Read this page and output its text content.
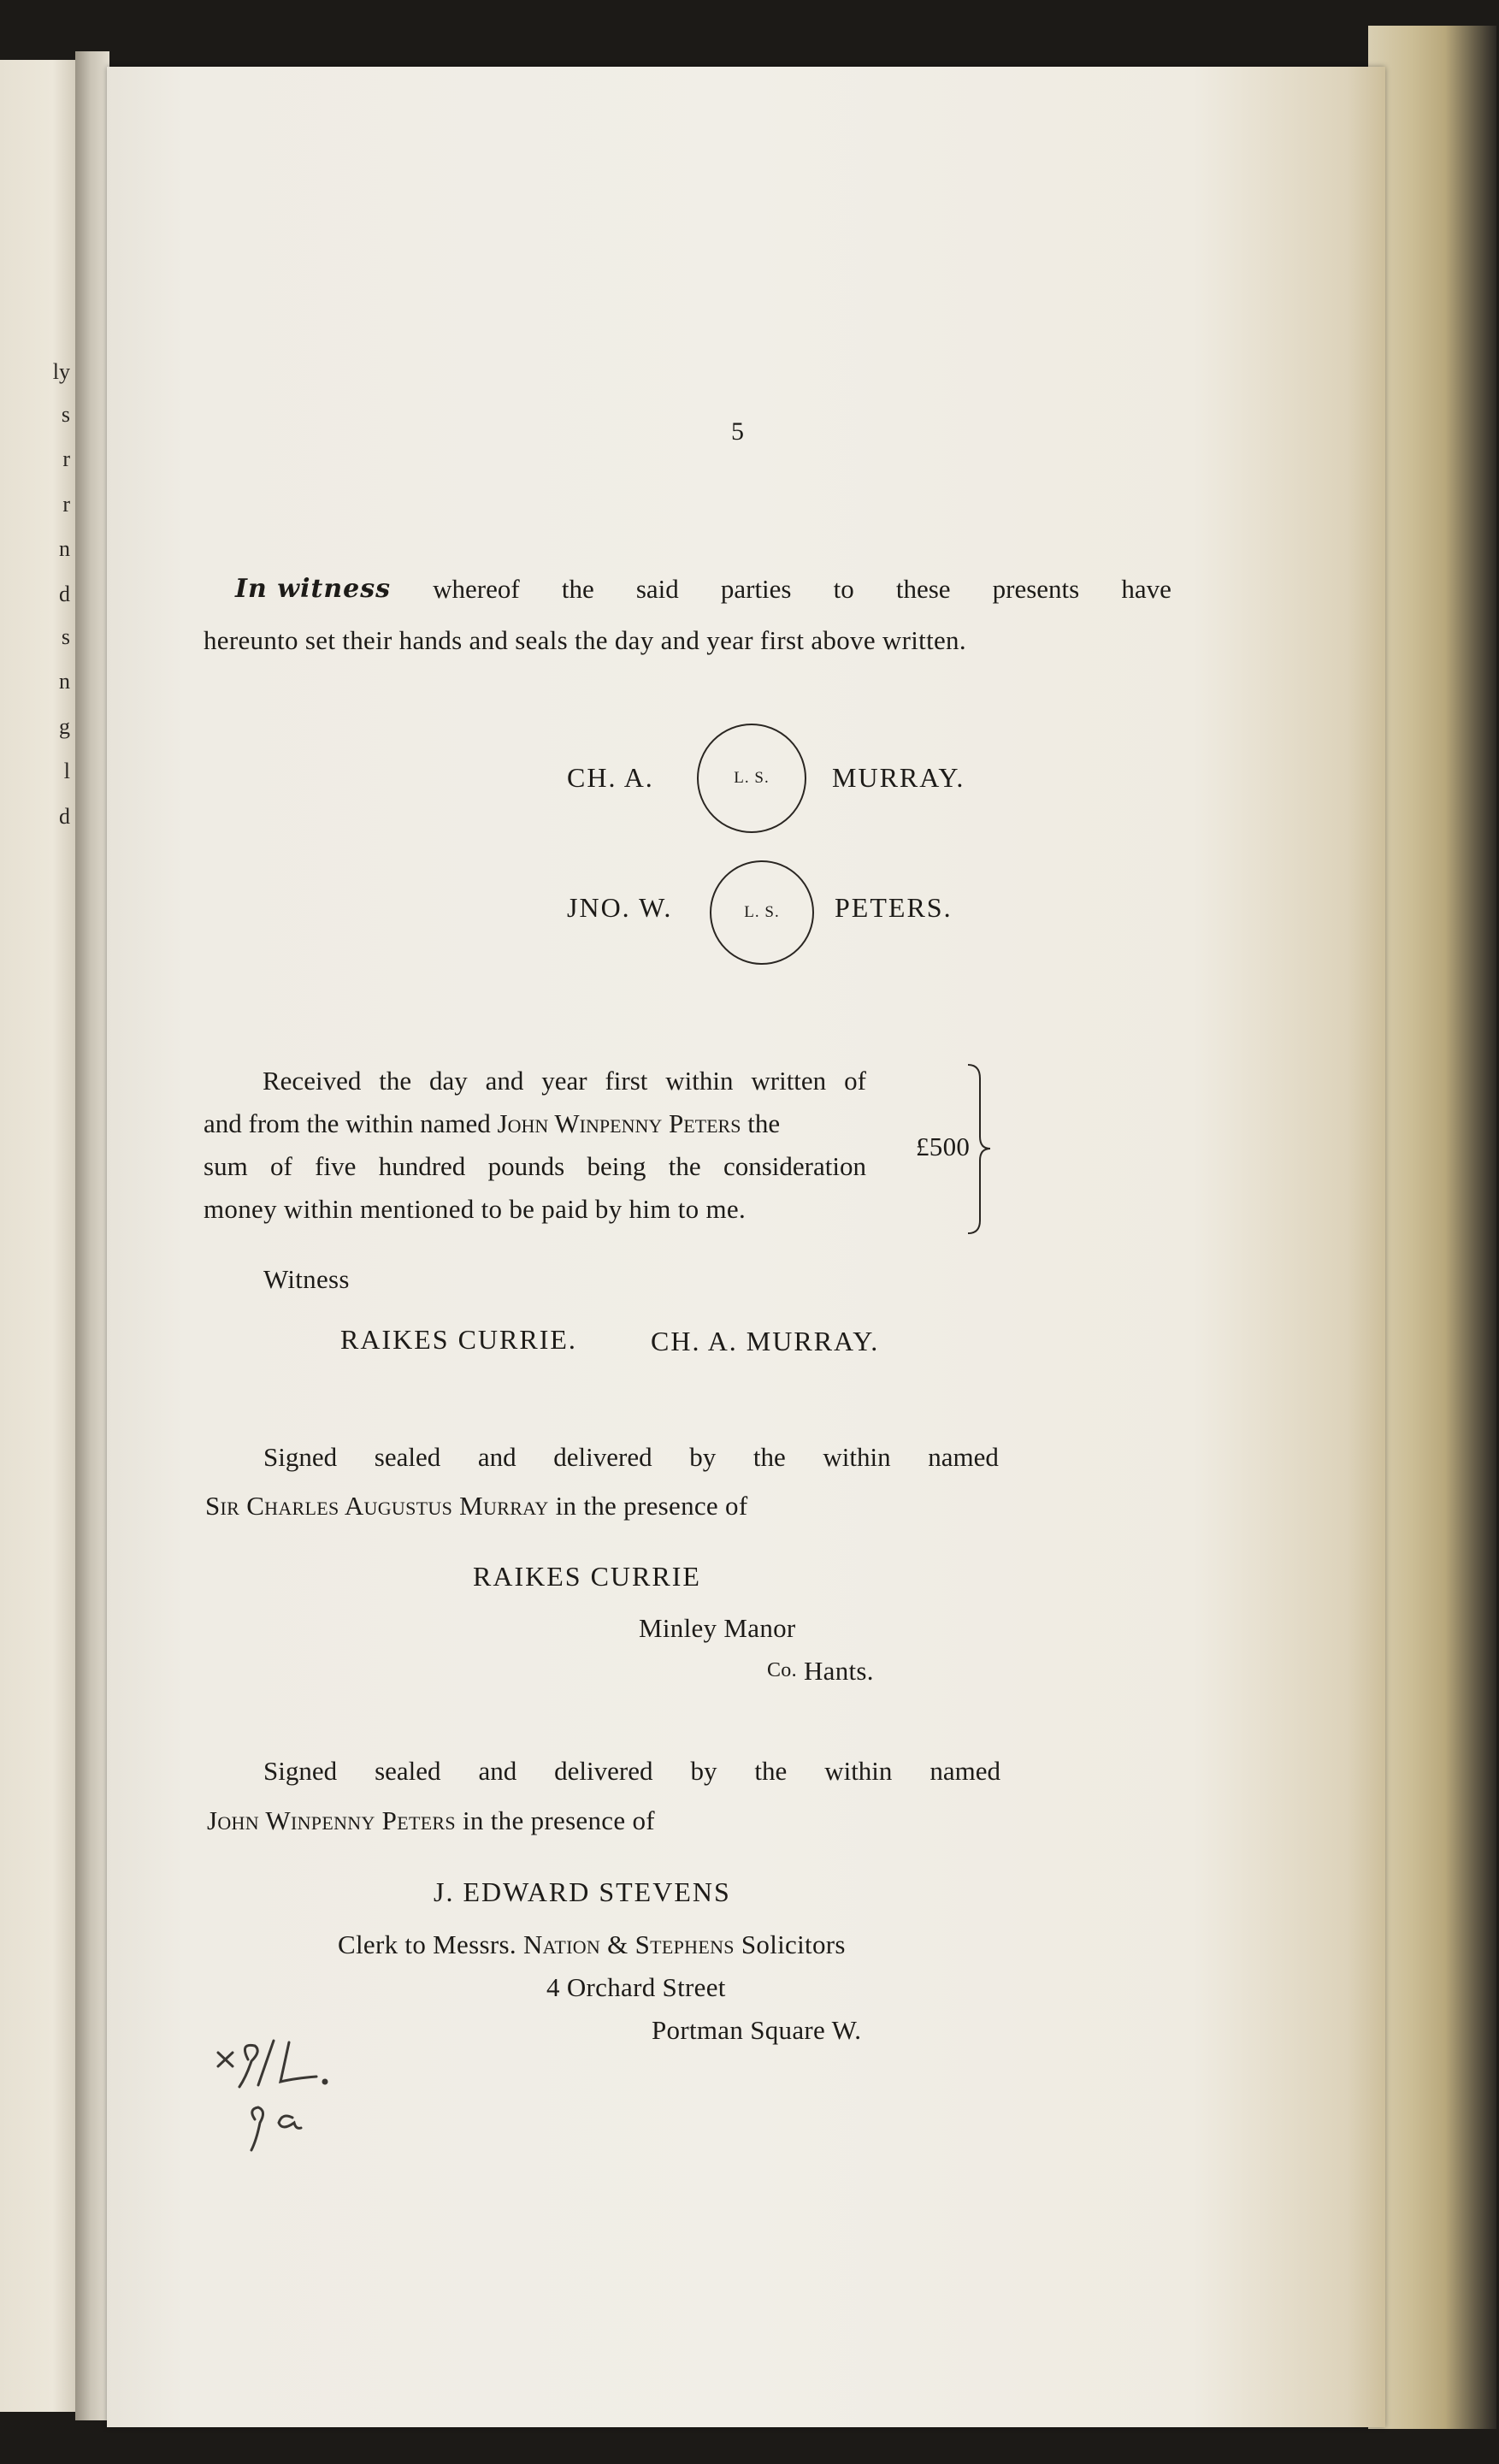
ly
s
r
r
n
d
s
n
g
l
d
5
In witness whereof the said parties to these presents have
hereunto set their hands and seals the day and year first above written.
CH. A.	L. S. MURRAY.
JNO. W.	L. S. PETERS.
Received the day and year first within written of
and from the within named John Winpenny Peters the
sum of five hundred pounds being the consideration
money within mentioned to be paid by him to me.
£500
Witness
RAIKES CURRIE.	CH. A. MURRAY.
Signed sealed and delivered by the within named
Sir Charles Augustus Murray in the presence of
RAIKES CURRIE
Minley Manor
Co. Hants.
Signed sealed and delivered by the within named
John Winpenny Peters in the presence of
J. EDWARD STEVENS
Clerk to Messrs. Nation & Stephens Solicitors
4 Orchard Street
Portman Square W.
